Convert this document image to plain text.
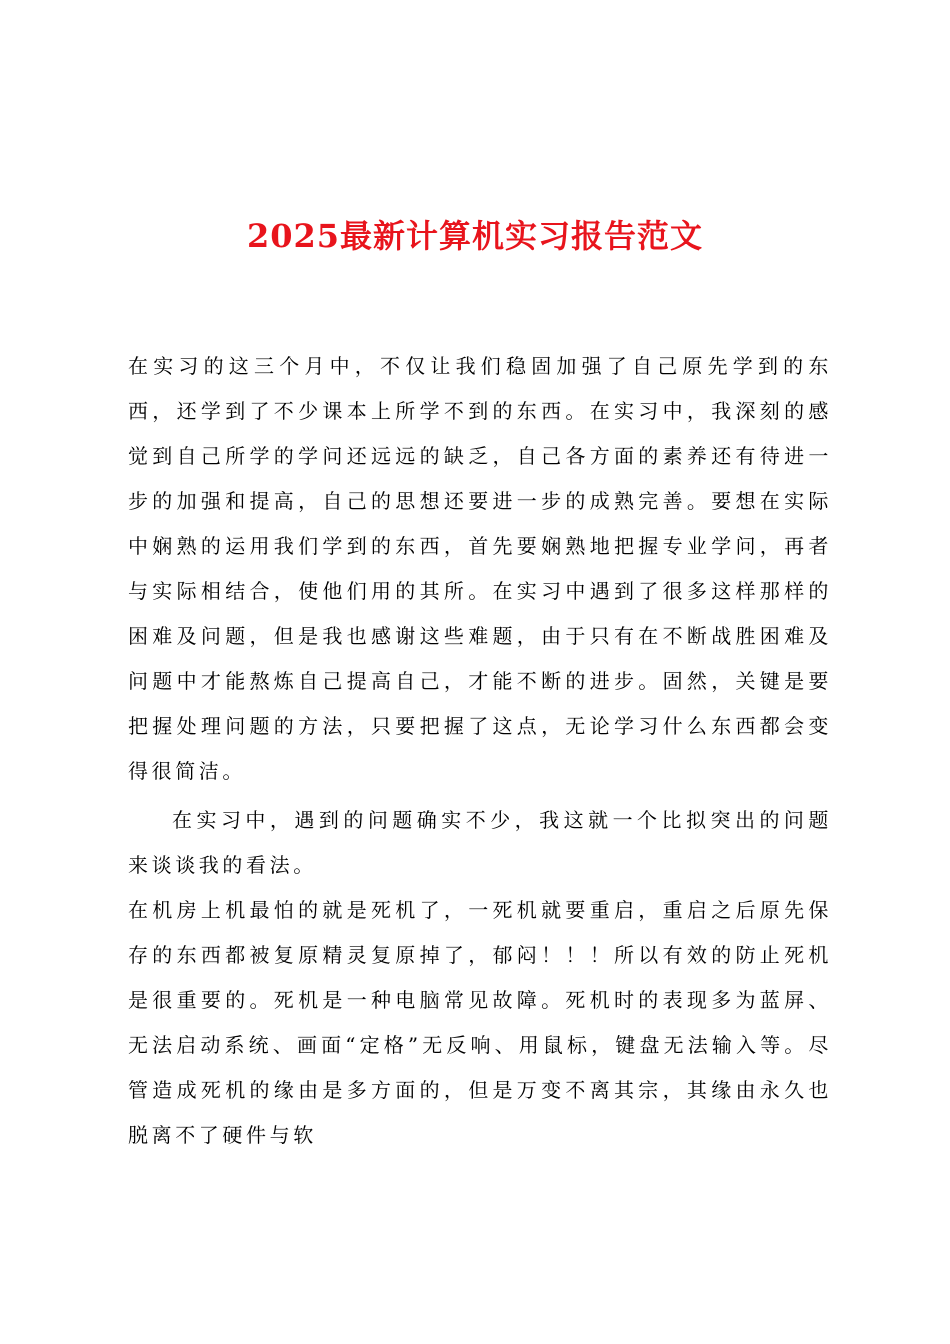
2025最新计算机实习报告范文

在实习的这三个月中，不仅让我们稳固加强了自己原先学到的东西，还学到了不少课本上所学不到的东西。在实习中，我深刻的感觉到自己所学的学问还远远的缺乏，自己各方面的素养还有待进一步的加强和提高，自己的思想还要进一步的成熟完善。要想在实际中娴熟的运用我们学到的东西，首先要娴熟地把握专业学问，再者与实际相结合，使他们用的其所。在实习中遇到了很多这样那样的困难及问题，但是我也感谢这些难题，由于只有在不断战胜困难及问题中才能熬炼自己提高自己，才能不断的进步。固然，关键是要把握处理问题的方法，只要把握了这点，无论学习什么东西都会变得很简洁。

在实习中，遇到的问题确实不少，我这就一个比拟突出的问题来谈谈我的看法。

在机房上机最怕的就是死机了，一死机就要重启，重启之后原先保存的东西都被复原精灵复原掉了，郁闷！！！所以有效的防止死机是很重要的。死机是一种电脑常见故障。死机时的表现多为蓝屏、无法启动系统、画面“定格”无反响、用鼠标，键盘无法输入等。尽管造成死机的缘由是多方面的，但是万变不离其宗，其缘由永久也脱离不了硬件与软
